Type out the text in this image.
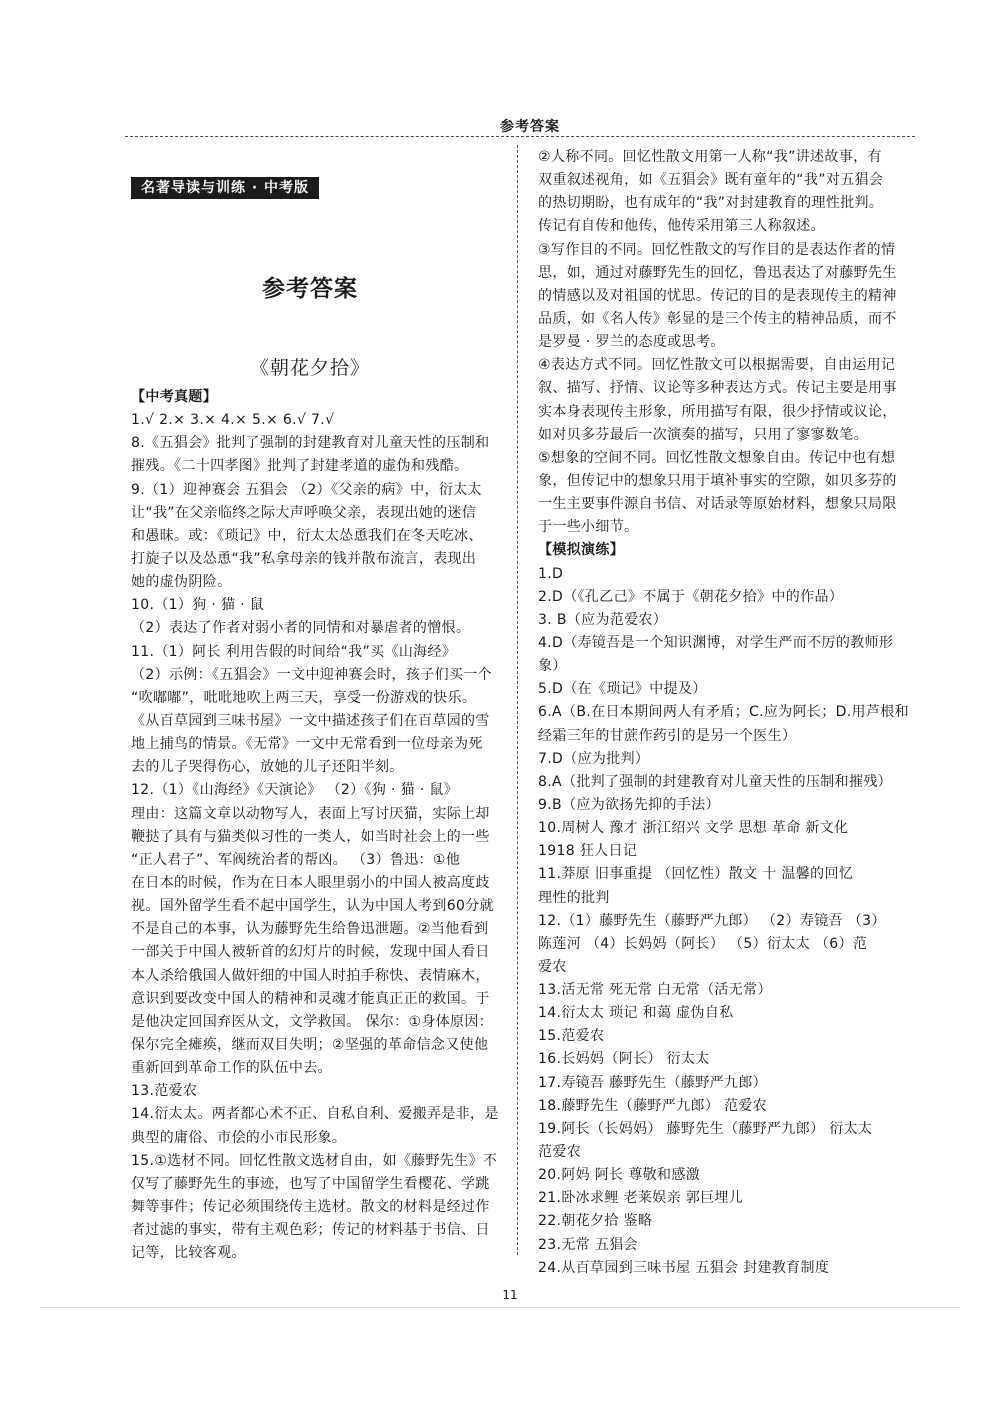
参考答案
名著导读与训练 · 中考版
参考答案
《朝花夕拾》
【中考真题】
1.√ 2.× 3.× 4.× 5.× 6.√ 7.√
8.《五猖会》批判了强制的封建教育对儿童天性的压制和
摧残。《二十四孝图》批判了封建孝道的虚伪和残酷。
9.（1）迎神赛会 五猖会 （2）《父亲的病》中，衍太太
让“我”在父亲临终之际大声呼唤父亲，表现出她的迷信
和愚昧。或：《琐记》中，衍太太怂恿我们在冬天吃冰、
打旋子以及怂恿“我”私拿母亲的钱并散布流言，表现出
她的虚伪阴险。
10.（1）狗 · 猫 · 鼠
（2）表达了作者对弱小者的同情和对暴虐者的憎恨。
11.（1）阿长 利用告假的时间给“我”买《山海经》
（2）示例：《五猖会》一文中迎神赛会时，孩子们买一个
“吹嘟嘟”，吡吡地吹上两三天，享受一份游戏的快乐。
《从百草园到三味书屋》一文中描述孩子们在百草园的雪
地上捕鸟的情景。《无常》一文中无常看到一位母亲为死
去的儿子哭得伤心，放她的儿子还阳半刻。
12.（1）《山海经》《天演论》 （2）《狗 · 猫 · 鼠》
理由：这篇文章以动物写人，表面上写讨厌猫，实际上却
鞭挞了具有与猫类似习性的一类人，如当时社会上的一些
“正人君子”、军阀统治者的帮凶。 （3）鲁迅：①他
在日本的时候，作为在日本人眼里弱小的中国人被高度歧
视。国外留学生看不起中国学生，认为中国人考到60分就
不是自己的本事，认为藤野先生给鲁迅泄题。②当他看到
一部关于中国人被斩首的幻灯片的时候，发现中国人看日
本人杀给俄国人做奸细的中国人时拍手称快、表情麻木，
意识到要改变中国人的精神和灵魂才能真正正的救国。于
是他决定回国弃医从文，文学救国。 保尔：①身体原因：
保尔完全瘫痪，继而双目失明；②坚强的革命信念又使他
重新回到革命工作的队伍中去。
13.范爱农
14.衍太太。两者都心术不正、自私自利、爱搬弄是非，是
典型的庸俗、市侩的小市民形象。
15.①选材不同。回忆性散文选材自由，如《藤野先生》不
仅写了藤野先生的事迹，也写了中国留学生看樱花、学跳
舞等事件；传记必须围绕传主选材。散文的材料是经过作
者过滤的事实，带有主观色彩；传记的材料基于书信、日
记等，比较客观。
②人称不同。回忆性散文用第一人称“我”讲述故事，有
双重叙述视角，如《五猖会》既有童年的“我”对五猖会
的热切期盼，也有成年的“我”对封建教育的理性批判。
传记有自传和他传，他传采用第三人称叙述。
③写作目的不同。回忆性散文的写作目的是表达作者的情
思，如，通过对藤野先生的回忆，鲁迅表达了对藤野先生
的情感以及对祖国的忧思。传记的目的是表现传主的精神
品质，如《名人传》彰显的是三个传主的精神品质，而不
是罗曼 · 罗兰的态度或思考。
④表达方式不同。回忆性散文可以根据需要，自由运用记
叙、描写、抒情、议论等多种表达方式。传记主要是用事
实本身表现传主形象，所用描写有限，很少抒情或议论，
如对贝多芬最后一次演奏的描写，只用了寥寥数笔。
⑤想象的空间不同。回忆性散文想象自由。传记中也有想
象，但传记中的想象只用于填补事实的空隙，如贝多芬的
一生主要事件源自书信、对话录等原始材料，想象只局限
于一些小细节。
【模拟演练】
1.D
2.D（《孔乙己》不属于《朝花夕拾》中的作品）
3. B（应为范爱农）
4.D（寿镜吾是一个知识渊博，对学生严而不厉的教师形
象）
5.D（在《琐记》中提及）
6.A（B.在日本期间两人有矛盾；C.应为阿长；D.用芦根和
经霜三年的甘蔗作药引的是另一个医生）
7.D（应为批判）
8.A（批判了强制的封建教育对儿童天性的压制和摧残）
9.B（应为欲扬先抑的手法）
10.周树人 豫才 浙江绍兴 文学 思想 革命 新文化
1918 狂人日记
11.莽原 旧事重提 （回忆性）散文 十 温馨的回忆
理性的批判
12.（1）藤野先生（藤野严九郎） （2）寿镜吾 （3）
陈莲河 （4）长妈妈（阿长） （5）衍太太 （6）范
爱农
13.活无常 死无常 白无常（活无常）
14.衍太太 琐记 和蔼 虚伪自私
15.范爱农
16.长妈妈（阿长） 衍太太
17.寿镜吾 藤野先生（藤野严九郎）
18.藤野先生（藤野严九郎） 范爱农
19.阿长（长妈妈） 藤野先生（藤野严九郎） 衍太太
范爱农
20.阿妈 阿长 尊敬和感激
21.卧冰求鲤 老莱娱亲 郭巨埋儿
22.朝花夕拾 鉴略
23.无常 五猖会
24.从百草园到三味书屋 五猖会 封建教育制度
11
